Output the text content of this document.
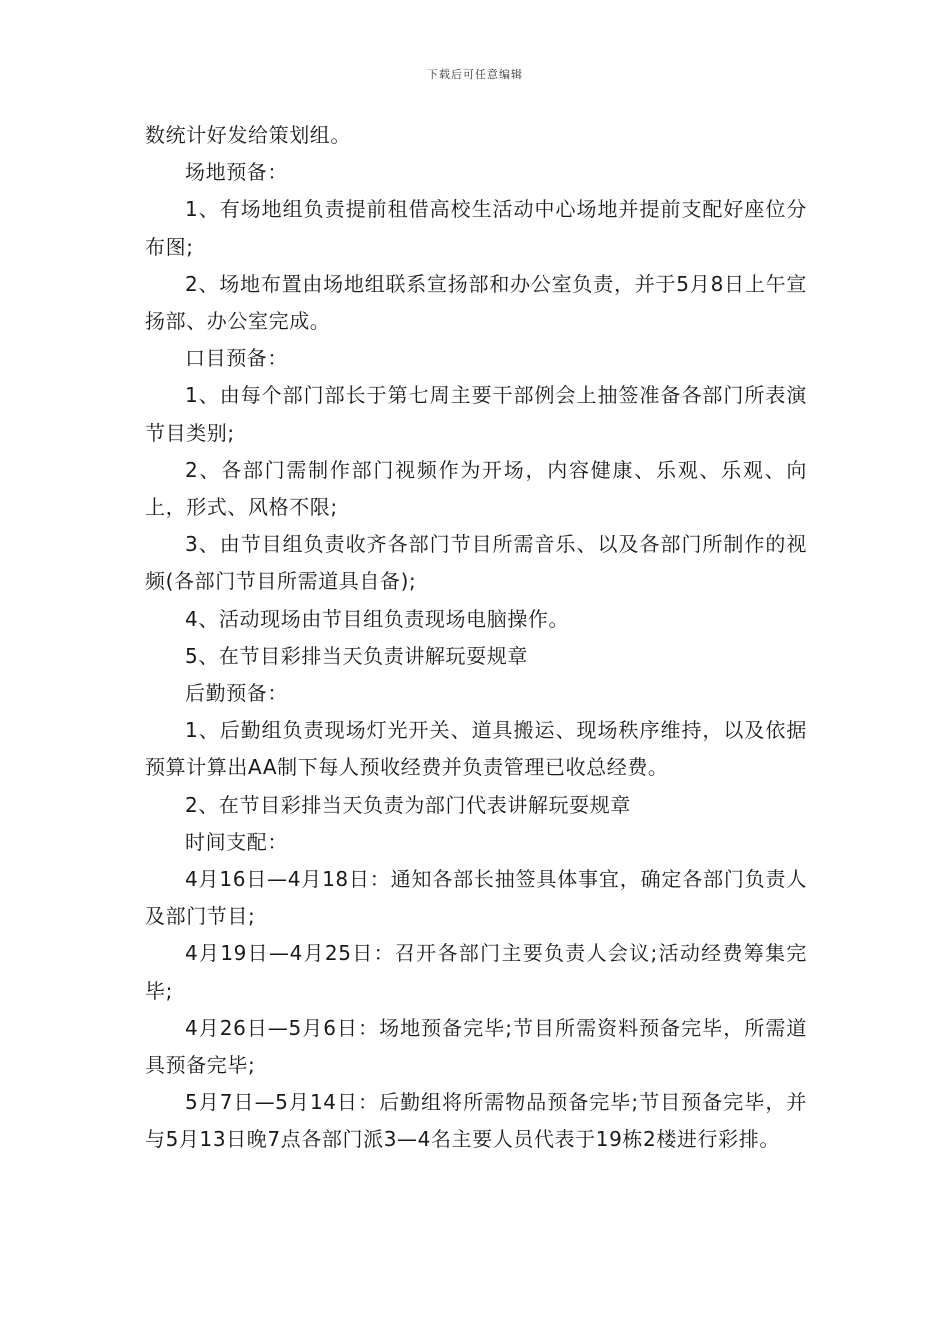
下载后可任意编辑

数统计好发给策划组。

场地预备：

1、有场地组负责提前租借高校生活动中心场地并提前支配好座位分布图;

2、场地布置由场地组联系宣扬部和办公室负责，并于5月8日上午宣扬部、办公室完成。

口目预备：

1、由每个部门部长于第七周主要干部例会上抽签准备各部门所表演节目类别;

2、各部门需制作部门视频作为开场，内容健康、乐观、乐观、向上，形式、风格不限;

3、由节目组负责收齐各部门节目所需音乐、以及各部门所制作的视频(各部门节目所需道具自备);

4、活动现场由节目组负责现场电脑操作。

5、在节目彩排当天负责讲解玩耍规章

后勤预备：

1、后勤组负责现场灯光开关、道具搬运、现场秩序维持，以及依据预算计算出AA制下每人预收经费并负责管理已收总经费。

2、在节目彩排当天负责为部门代表讲解玩耍规章

时间支配：

4月16日—4月18日：通知各部长抽签具体事宜，确定各部门负责人及部门节目;

4月19日—4月25日：召开各部门主要负责人会议;活动经费筹集完毕;

4月26日—5月6日：场地预备完毕;节目所需资料预备完毕，所需道具预备完毕;

5月7日—5月14日：后勤组将所需物品预备完毕;节目预备完毕，并与5月13日晚7点各部门派3—4名主要人员代表于19栋2楼进行彩排。
